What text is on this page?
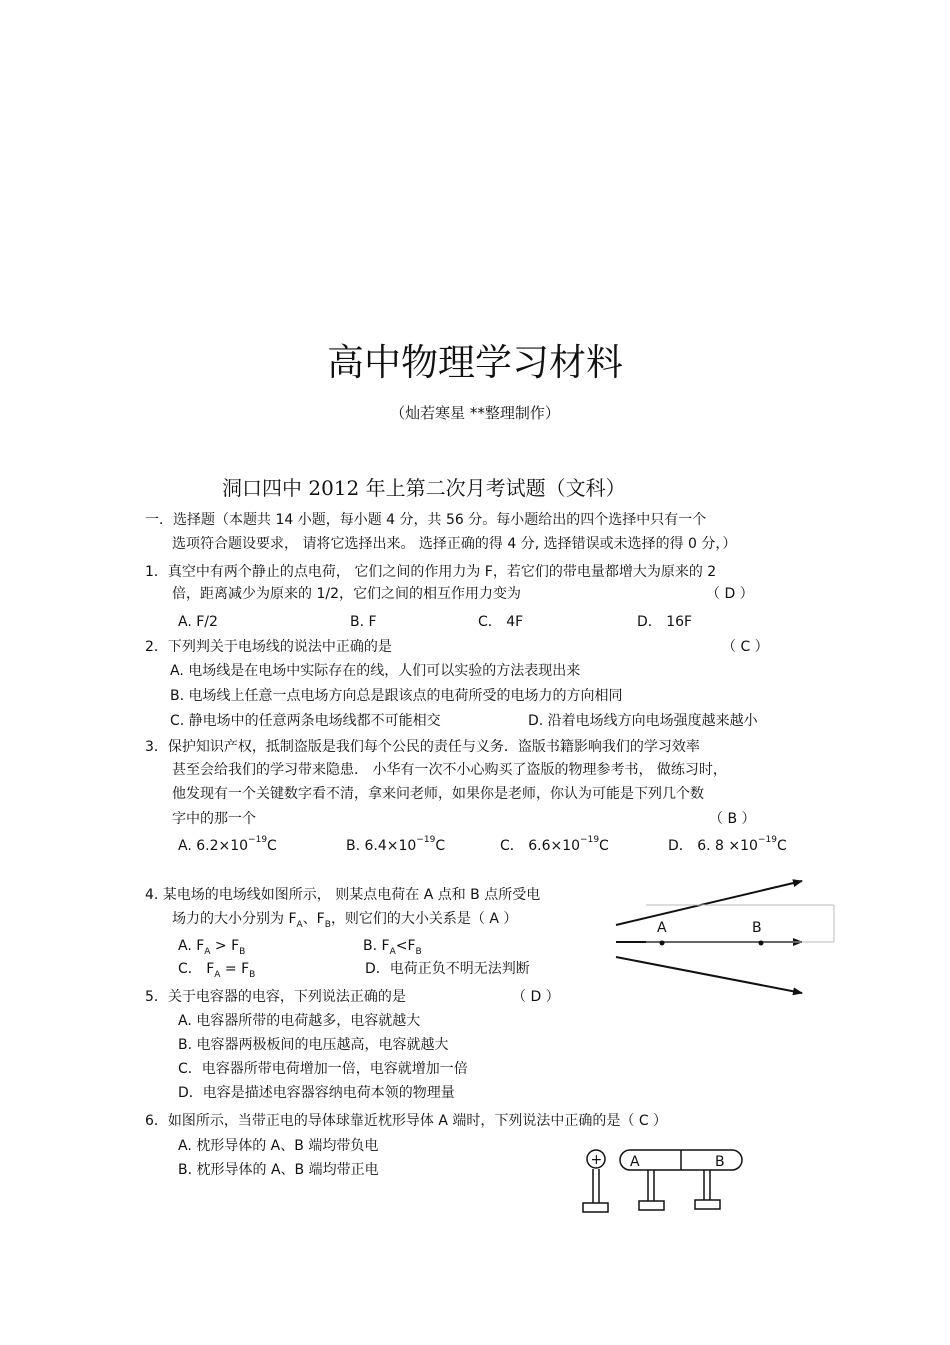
高中物理学习材料
（灿若寒星 **整理制作）
洞口四中 2012 年上第二次月考试题（文科）
一．选择题（本题共 14 小题，每小题 4 分，共 56 分。每小题给出的四个选择中只有一个
选项符合题设要求， 请将它选择出来。 选择正确的得 4 分, 选择错误或未选择的得 0 分，）
1．真空中有两个静止的点电荷， 它们之间的作用力为 F，若它们的带电量都增大为原来的 2
倍，距离减少为原来的 1/2，它们之间的相互作用力变为	（ D ）
A. F/2	B. F	C． 4F	D． 16F
2．下列判关于电场线的说法中正确的是	（ C ）
A. 电场线是在电场中实际存在的线，人们可以实验的方法表现出来
B. 电场线上任意一点电场方向总是跟该点的电荷所受的电场力的方向相同
C. 静电场中的任意两条电场线都不可能相交	D. 沿着电场线方向电场强度越来越小
3．保护知识产权，抵制盗版是我们每个公民的责任与义务．盗版书籍影响我们的学习效率
甚至会给我们的学习带来隐患． 小华有一次不小心购买了盗版的物理参考书， 做练习时，
他发现有一个关键数字看不清，拿来问老师，如果你是老师，你认为可能是下列几个数
字中的那一个	（ B ）
A. $6.2\times 10^{-19}C$	B. $6.4\times 10^{-19}C$	C． $6.6\times 10^{-19}C$	D． 6. $8 \times 10^{-19}C$
4. 某电场的电场线如图所示， 则某点电荷在 A 点和 B 点所受电
场力的大小分别为 $F_A$、$F_B$，则它们的大小关系是（ A ）
A. $F_A > F_B$	B. $F_A<F_B$
C． $F_A = F_B$	D．电荷正负不明无法判断
A	B
5．关于电容器的电容，下列说法正确的是	（ D ）
A. 电容器所带的电荷越多，电容就越大
B. 电容器两极板间的电压越高，电容就越大
C．电容器所带电荷增加一倍，电容就增加一倍
D．电容是描述电容器容纳电荷本领的物理量
6．如图所示，当带正电的导体球靠近枕形导体 A 端时，下列说法中正确的是（ C ）
A. 枕形导体的 A、B 端均带负电
B. 枕形导体的 A、B 端均带正电
+ A	B
